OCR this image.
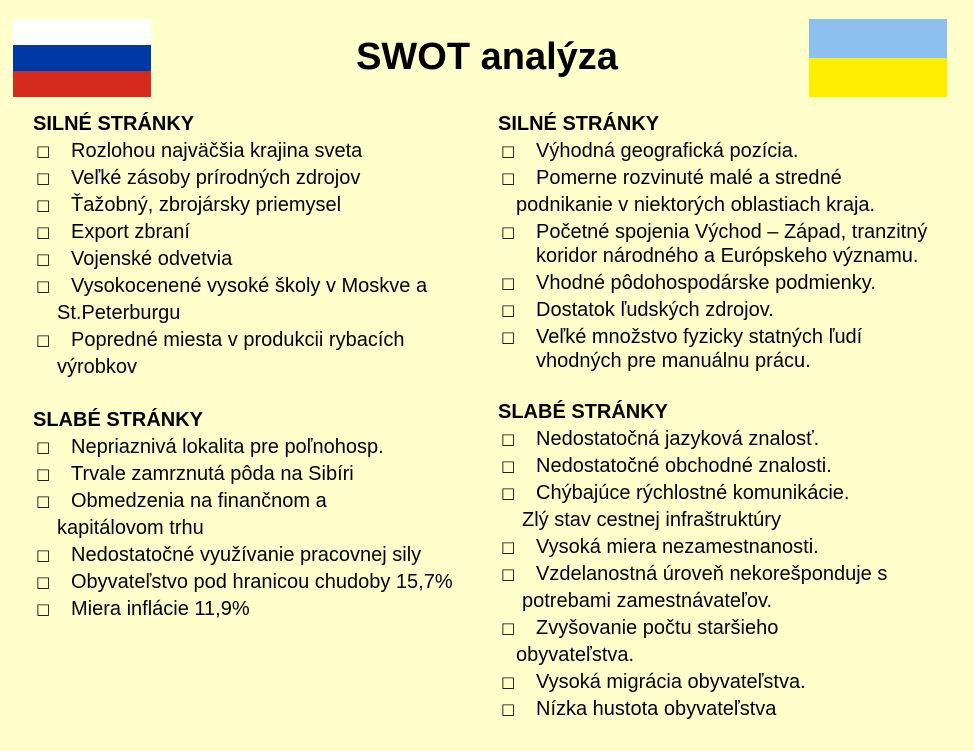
SWOT analýza
SILNÉ STRÁNKY
□ Rozlohou najväčšia krajina sveta
□ Veľké zásoby prírodných zdrojov
□ Ťažobný, zbrojársky priemysel
□ Export zbraní
□ Vojenské odvetvia
□ Vysokocenené vysoké školy v Moskve a
St.Peterburgu
□ Popredné miesta v produkcii rybacích
výrobkov
SLABÉ STRÁNKY
□ Nepriaznivá lokalita pre poľnohosp.
□ Trvale zamrznutá pôda na Sibíri
□ Obmedzenia na finančnom a
kapitálovom trhu
□ Nedostatočné využívanie pracovnej sily
□ Obyvateľstvo pod hranicou chudoby 15,7%
□ Miera inflácie 11,9%
SILNÉ STRÁNKY
□ Výhodná geografická pozícia.
□ Pomerne rozvinuté malé a stredné
podnikanie v niektorých oblastiach kraja.
□ Početné spojenia Východ – Západ, tranzitný koridor národného a Európskeho významu.
□ Vhodné pôdohospodárske podmienky.
□ Dostatok ľudských zdrojov.
□ Veľké množstvo fyzicky statných ľudí vhodných pre manuálnu prácu.
SLABÉ STRÁNKY
□ Nedostatočná jazyková znalosť.
□ Nedostatočné obchodné znalosti.
□ Chýbajúce rýchlostné komunikácie.
Zlý stav cestnej infraštruktúry
□ Vysoká miera nezamestnanosti.
□ Vzdelanostná úroveň nekorešponduje s
potrebami zamestnávateľov.
□ Zvyšovanie počtu staršieho
obyvateľstva.
□ Vysoká migrácia obyvateľstva.
□ Nízka hustota obyvateľstva
